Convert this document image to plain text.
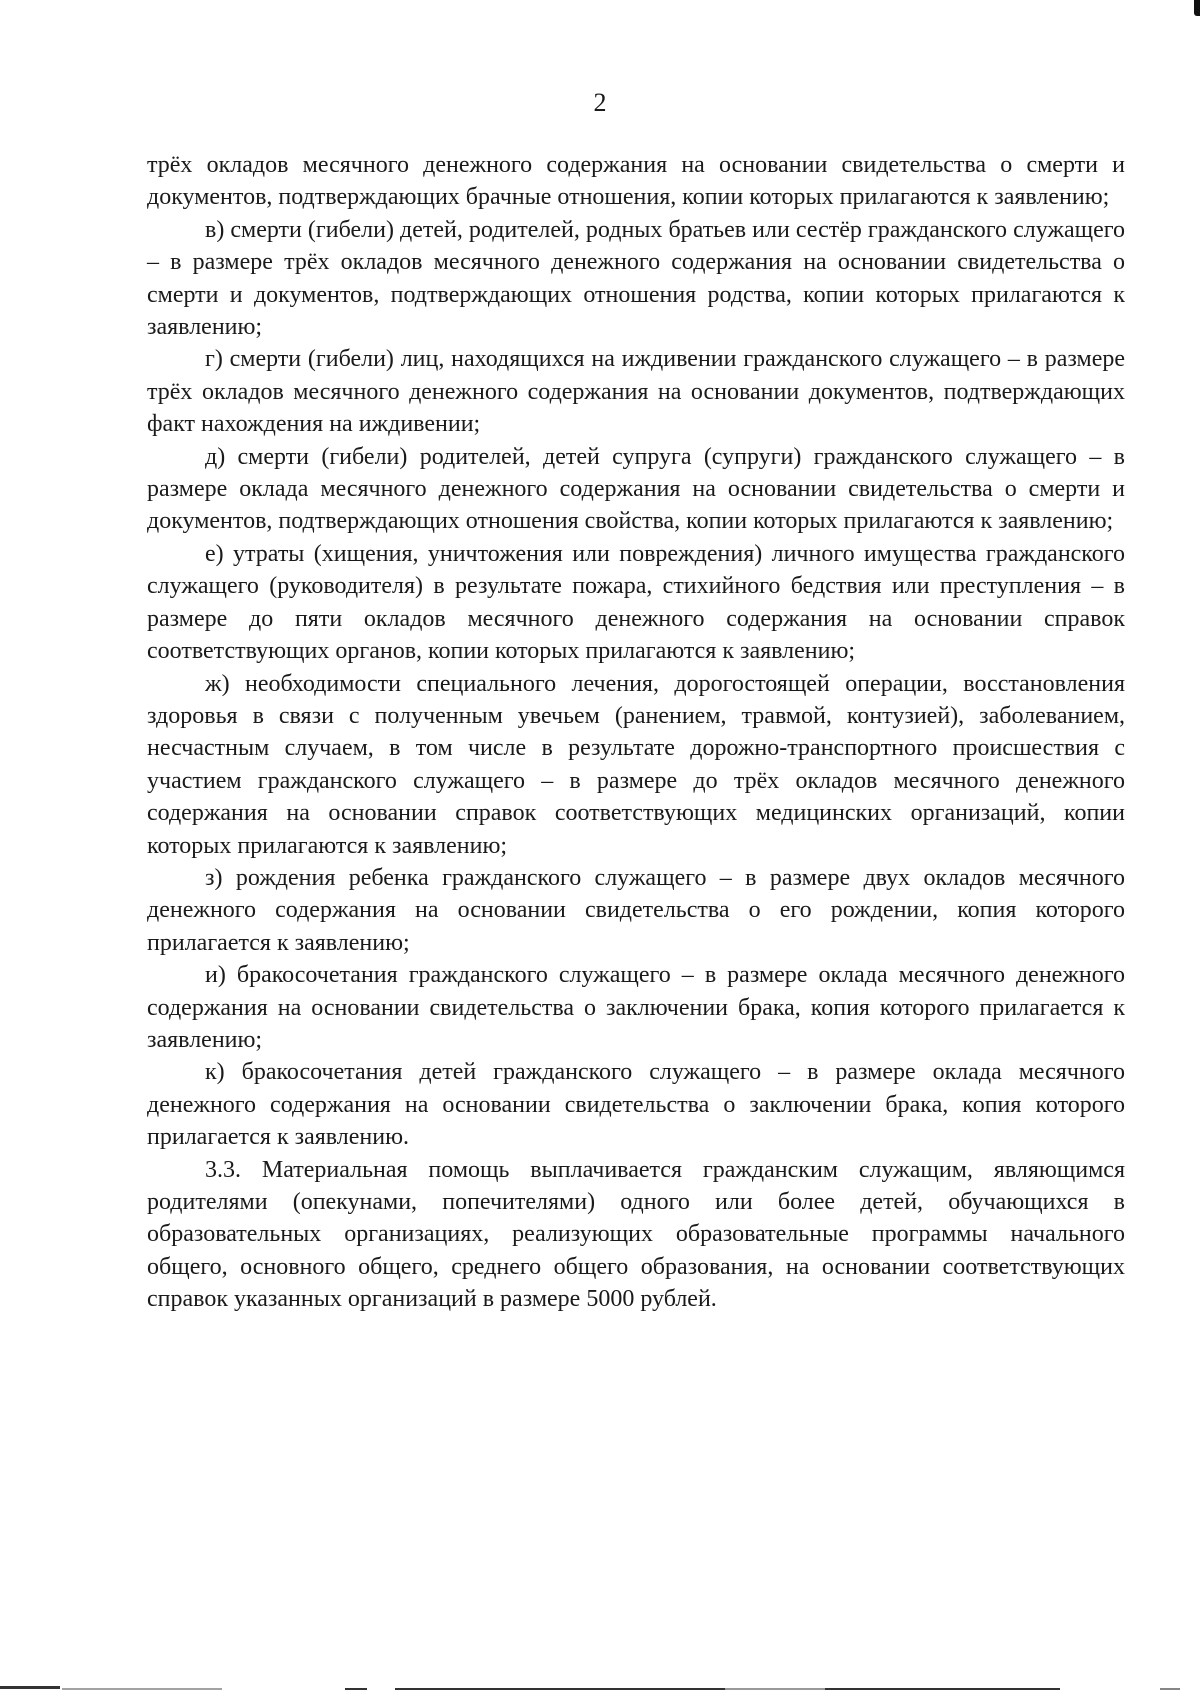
2

трёх окладов месячного денежного содержания на основании свидетельства о смерти и документов, подтверждающих брачные отношения, копии которых прилагаются к заявлению;

в) смерти (гибели) детей, родителей, родных братьев или сестёр гражданского служащего – в размере трёх окладов месячного денежного содержания на основании свидетельства о смерти и документов, подтверждающих отношения родства, копии которых прилагаются к заявлению;

г) смерти (гибели) лиц, находящихся на иждивении гражданского служащего – в размере трёх окладов месячного денежного содержания на основании документов, подтверждающих факт нахождения на иждивении;

д) смерти (гибели) родителей, детей супруга (супруги) гражданского служащего – в размере оклада месячного денежного содержания на основании свидетельства о смерти и документов, подтверждающих отношения свойства, копии которых прилагаются к заявлению;

е) утраты (хищения, уничтожения или повреждения) личного имущества гражданского служащего (руководителя) в результате пожара, стихийного бедствия или преступления – в размере до пяти окладов месячного денежного содержания на основании справок соответствующих органов, копии которых прилагаются к заявлению;

ж) необходимости специального лечения, дорогостоящей операции, восстановления здоровья в связи с полученным увечьем (ранением, травмой, контузией), заболеванием, несчастным случаем, в том числе в результате дорожно-транспортного происшествия с участием гражданского служащего – в размере до трёх окладов месячного денежного содержания на основании справок соответствующих медицинских организаций, копии которых прилагаются к заявлению;

з) рождения ребенка гражданского служащего – в размере двух окладов месячного денежного содержания на основании свидетельства о его рождении, копия которого прилагается к заявлению;

и) бракосочетания гражданского служащего – в размере оклада месячного денежного содержания на основании свидетельства о заключении брака, копия которого прилагается к заявлению;

к) бракосочетания детей гражданского служащего – в размере оклада месячного денежного содержания на основании свидетельства о заключении брака, копия которого прилагается к заявлению.

3.3. Материальная помощь выплачивается гражданским служащим, являющимся родителями (опекунами, попечителями) одного или более детей, обучающихся в образовательных организациях, реализующих образовательные программы начального общего, основного общего, среднего общего образования, на основании соответствующих справок указанных организаций в размере 5000 рублей.
